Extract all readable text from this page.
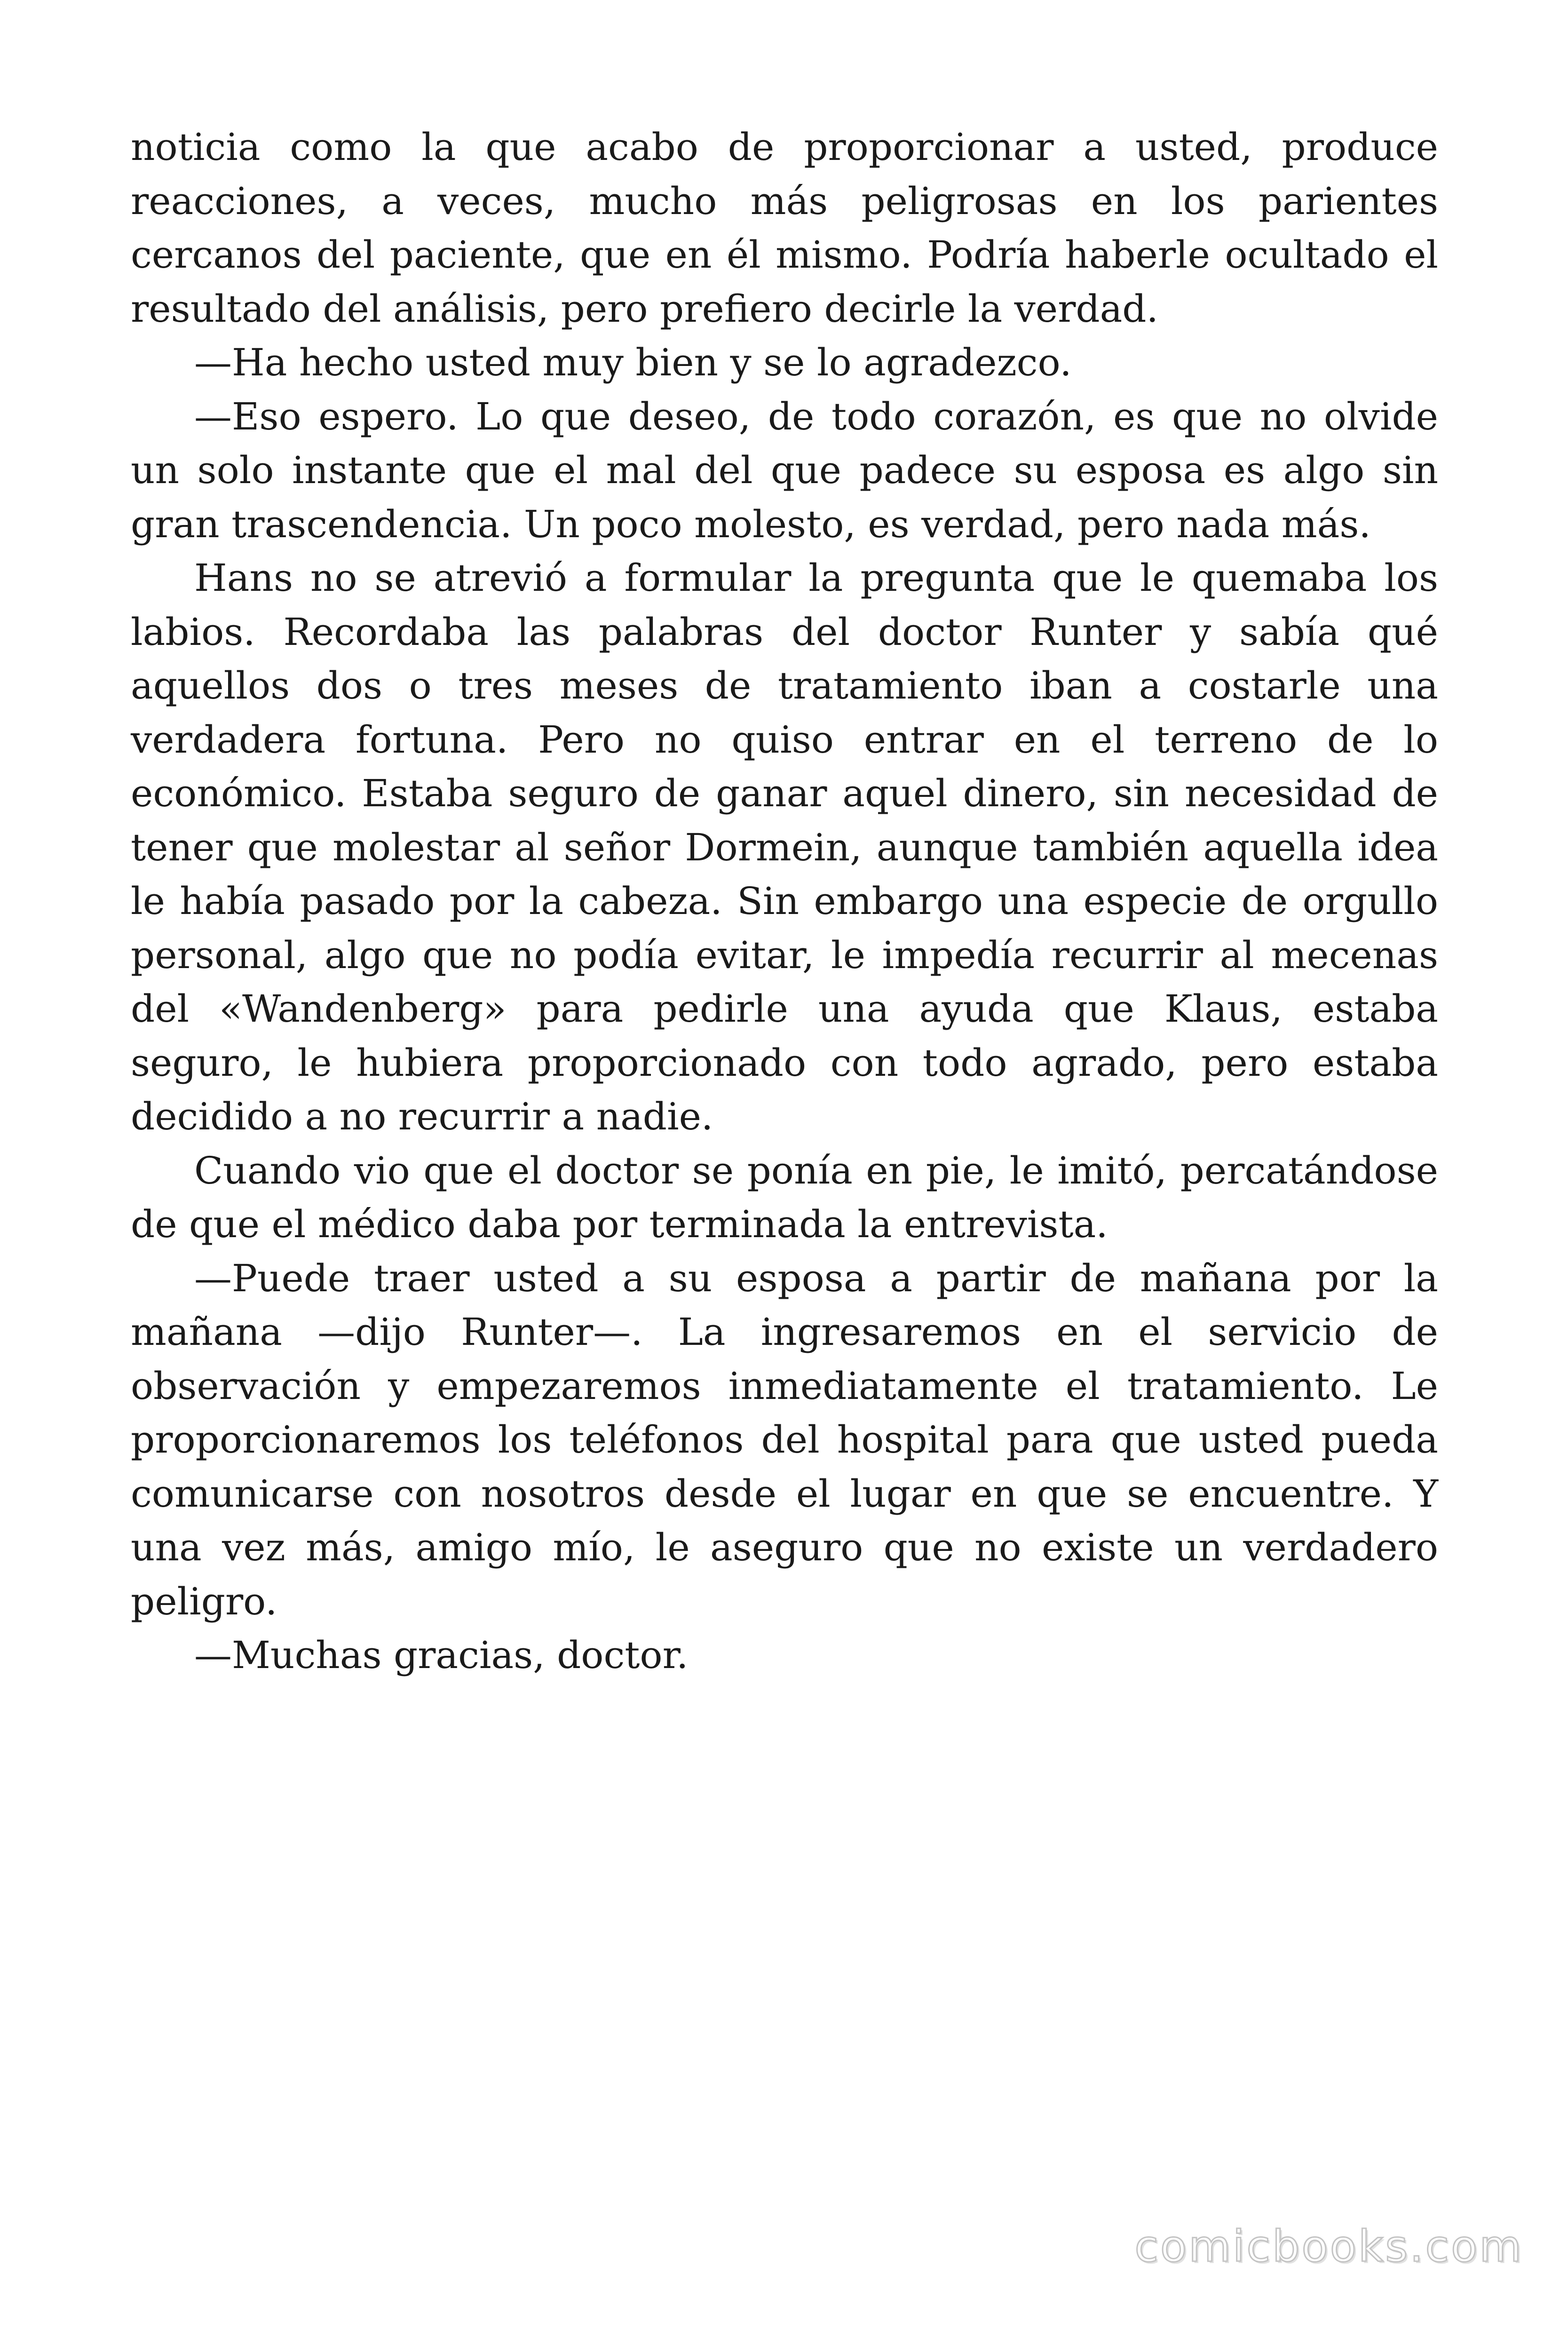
noticia como la que acabo de proporcionar a usted, produce reacciones, a veces, mucho más peligrosas en los parientes cercanos del paciente, que en él mismo. Podría haberle ocultado el resultado del análisis, pero prefiero decirle la verdad.

—Ha hecho usted muy bien y se lo agradezco.

—Eso espero. Lo que deseo, de todo corazón, es que no olvide un solo instante que el mal del que padece su esposa es algo sin gran trascendencia. Un poco molesto, es verdad, pero nada más.

Hans no se atrevió a formular la pregunta que le quemaba los labios. Recordaba las palabras del doctor Runter y sabía qué aquellos dos o tres meses de tratamiento iban a costarle una verdadera fortuna. Pero no quiso entrar en el terreno de lo económico. Estaba seguro de ganar aquel dinero, sin necesidad de tener que molestar al señor Dormein, aunque también aquella idea le había pasado por la cabeza. Sin embargo una especie de orgullo personal, algo que no podía evitar, le impedía recurrir al mecenas del «Wandenberg» para pedirle una ayuda que Klaus, estaba seguro, le hubiera proporcionado con todo agrado, pero estaba decidido a no recurrir a nadie.

Cuando vio que el doctor se ponía en pie, le imitó, percatándose de que el médico daba por terminada la entrevista.

—Puede traer usted a su esposa a partir de mañana por la mañana —dijo Runter—. La ingresaremos en el servicio de observación y empezaremos inmediatamente el tratamiento. Le proporcionaremos los teléfonos del hospital para que usted pueda comunicarse con nosotros desde el lugar en que se encuentre. Y una vez más, amigo mío, le aseguro que no existe un verdadero peligro.

—Muchas gracias, doctor.

comicbooks.com
